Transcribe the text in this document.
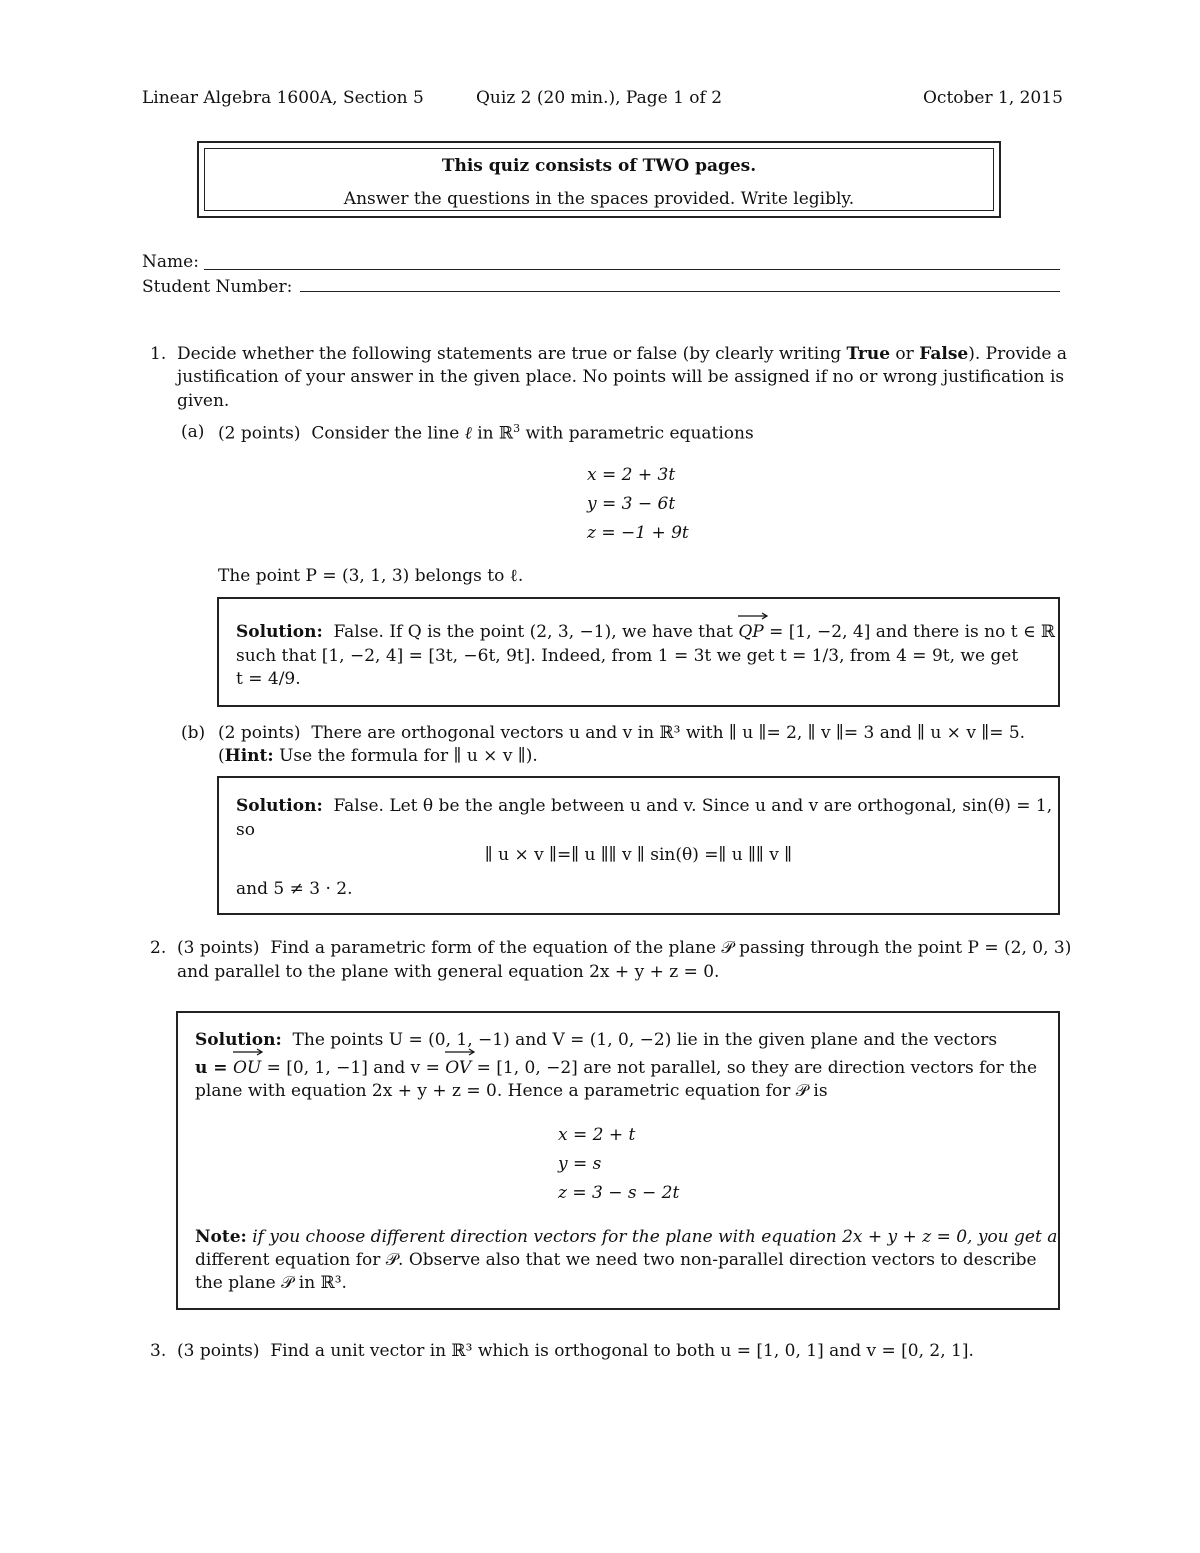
Linear Algebra 1600A, Section 5	Quiz 2 (20 min.), Page 1 of 2	October 1, 2015
This quiz consists of TWO pages.
Answer the questions in the spaces provided. Write legibly.
Name:
Student Number:
1. Decide whether the following statements are true or false (by clearly writing True or False). Provide a
justification of your answer in the given place. No points will be assigned if no or wrong justification is
given.
(a) (2 points) Consider the line ℓ in ℝ$^3$ with parametric equations
x = 2 + 3t
y = 3 − 6t
z = −1 + 9t
The point P = (3, 1, 3) belongs to ℓ.
Solution: False. If Q is the point (2, 3, −1), we have that QP = [1, −2, 4] and there is no t ∈ ℝ
such that [1, −2, 4] = [3t, −6t, 9t]. Indeed, from 1 = 3t we get t = 1/3, from 4 = 9t, we get
t = 4/9.
(b) (2 points) There are orthogonal vectors u and v in ℝ³ with ∥ u ∥= 2, ∥ v ∥= 3 and ∥ u × v ∥= 5.
(Hint: Use the formula for ∥ u × v ∥).
Solution: False. Let θ be the angle between u and v. Since u and v are orthogonal, sin(θ) = 1,
so
∥ u × v ∥=∥ u ∥∥ v ∥ sin(θ) =∥ u ∥∥ v ∥
and 5 ≠ 3 · 2.
2. (3 points) Find a parametric form of the equation of the plane 𝒫 passing through the point P = (2, 0, 3)
and parallel to the plane with general equation 2x + y + z = 0.
Solution: The points U = (0, 1, −1) and V = (1, 0, −2) lie in the given plane and the vectors
u = OU = [0, 1, −1] and v = OV = [1, 0, −2] are not parallel, so they are direction vectors for the
plane with equation 2x + y + z = 0. Hence a parametric equation for 𝒫 is
x = 2 + t
y = s
z = 3 − s − 2t
Note: if you choose different direction vectors for the plane with equation 2x + y + z = 0, you get a
different equation for 𝒫. Observe also that we need two non-parallel direction vectors to describe
the plane 𝒫 in ℝ³.
3. (3 points) Find a unit vector in ℝ³ which is orthogonal to both u = [1, 0, 1] and v = [0, 2, 1].
